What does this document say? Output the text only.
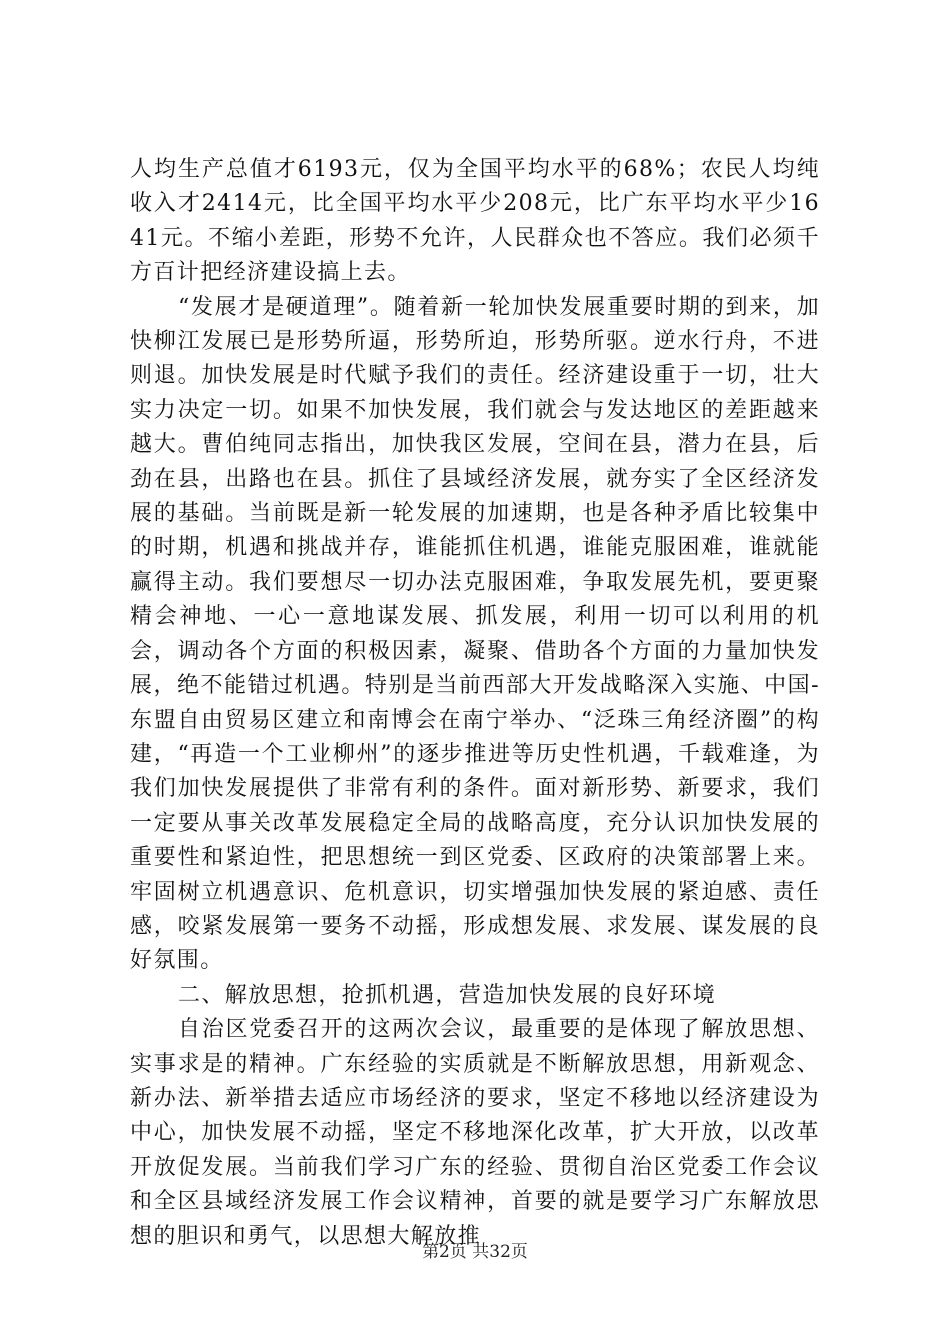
人均生产总值才6193元，仅为全国平均水平的68%；农民人均纯收入才2414元，比全国平均水平少208元，比广东平均水平少1641元。不缩小差距，形势不允许，人民群众也不答应。我们必须千方百计把经济建设搞上去。

“发展才是硬道理”。随着新一轮加快发展重要时期的到来，加快柳江发展已是形势所逼，形势所迫，形势所驱。逆水行舟，不进则退。加快发展是时代赋予我们的责任。经济建设重于一切，壮大实力决定一切。如果不加快发展，我们就会与发达地区的差距越来越大。曹伯纯同志指出，加快我区发展，空间在县，潜力在县，后劲在县，出路也在县。抓住了县域经济发展，就夯实了全区经济发展的基础。当前既是新一轮发展的加速期，也是各种矛盾比较集中的时期，机遇和挑战并存，谁能抓住机遇，谁能克服困难，谁就能赢得主动。我们要想尽一切办法克服困难，争取发展先机，要更聚精会神地、一心一意地谋发展、抓发展，利用一切可以利用的机会，调动各个方面的积极因素，凝聚、借助各个方面的力量加快发展，绝不能错过机遇。特别是当前西部大开发战略深入实施、中国-东盟自由贸易区建立和南博会在南宁举办、“泛珠三角经济圈”的构建，“再造一个工业柳州”的逐步推进等历史性机遇，千载难逢，为我们加快发展提供了非常有利的条件。面对新形势、新要求，我们一定要从事关改革发展稳定全局的战略高度，充分认识加快发展的重要性和紧迫性，把思想统一到区党委、区政府的决策部署上来。牢固树立机遇意识、危机意识，切实增强加快发展的紧迫感、责任感，咬紧发展第一要务不动摇，形成想发展、求发展、谋发展的良好氛围。

二、解放思想，抢抓机遇，营造加快发展的良好环境

自治区党委召开的这两次会议，最重要的是体现了解放思想、实事求是的精神。广东经验的实质就是不断解放思想，用新观念、新办法、新举措去适应市场经济的要求，坚定不移地以经济建设为中心，加快发展不动摇，坚定不移地深化改革，扩大开放，以改革开放促发展。当前我们学习广东的经验、贯彻自治区党委工作会议和全区县域经济发展工作会议精神，首要的就是要学习广东解放思想的胆识和勇气，以思想大解放推

第2页 共32页
